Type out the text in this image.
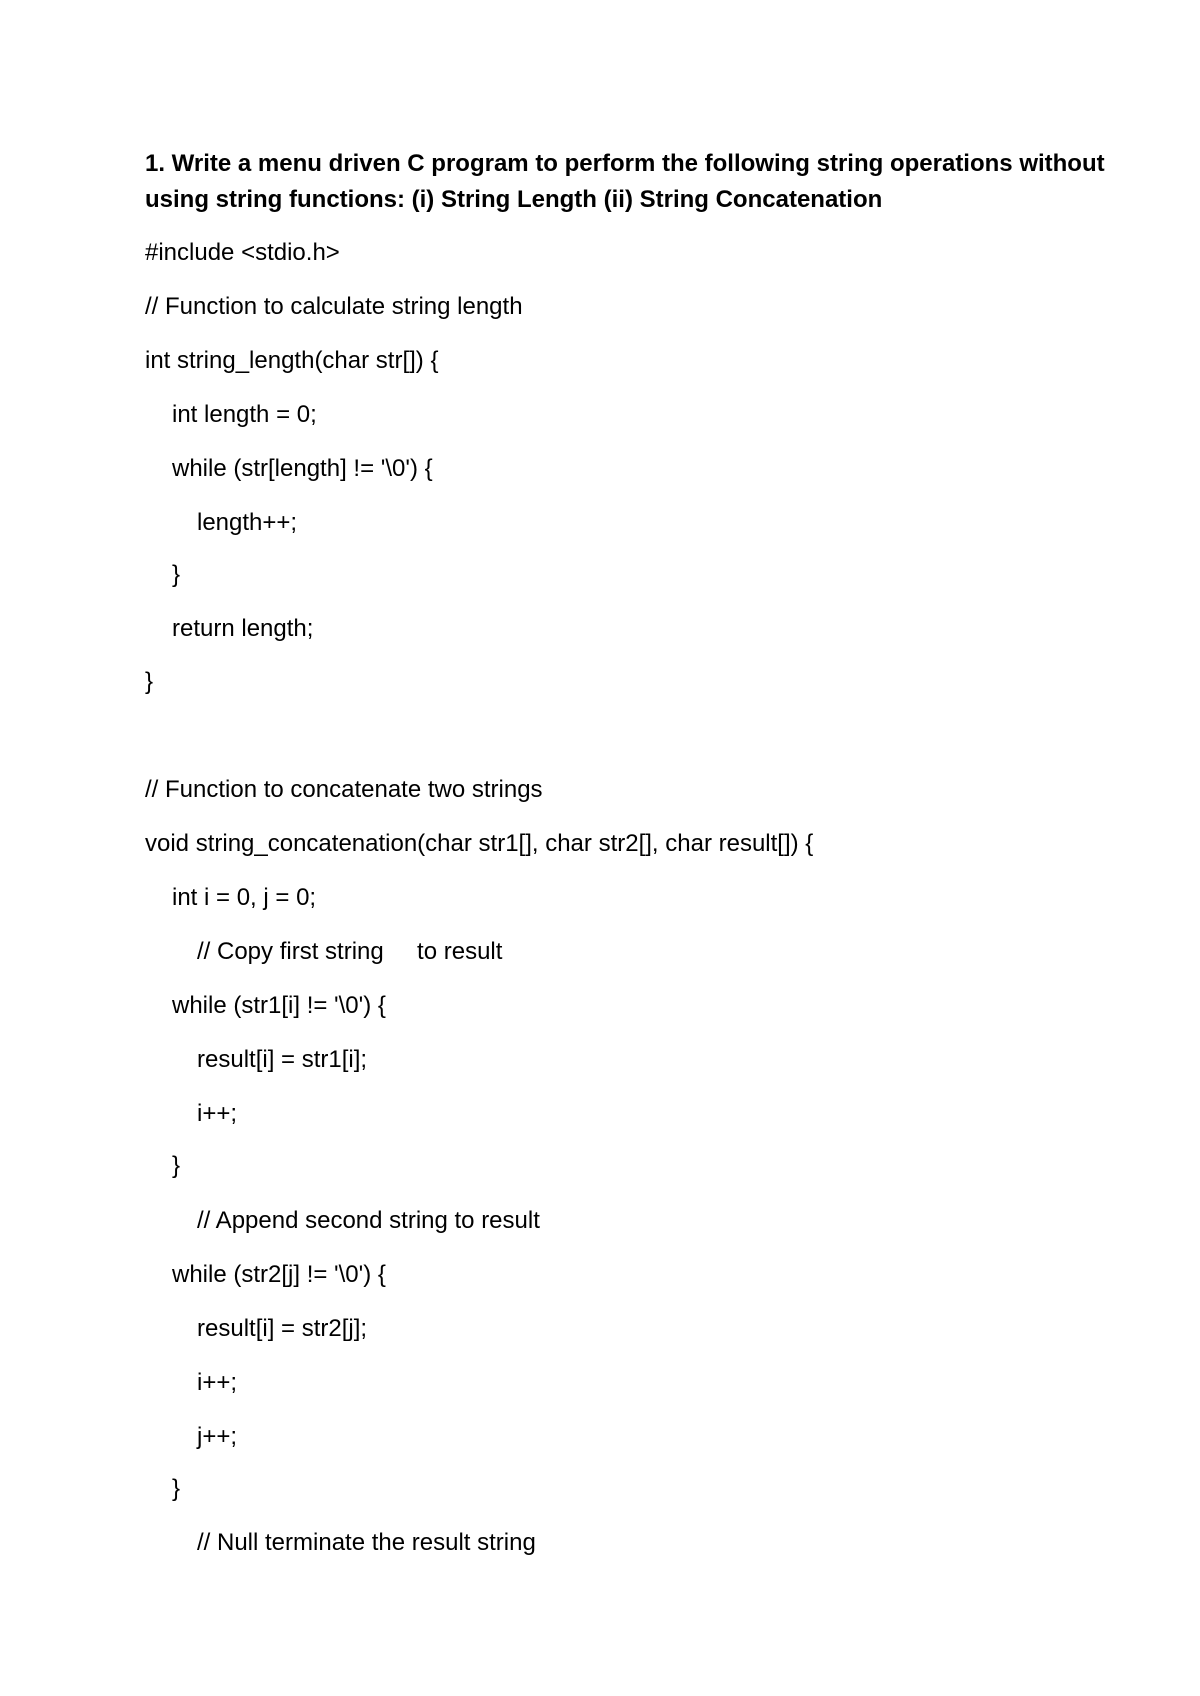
1. Write a menu driven C program to perform the following string operations without using string functions: (i) String Length (ii) String Concatenation

#include <stdio.h>

// Function to calculate string length

int string_length(char str[]) {

int length = 0;

while (str[length] != '\0') {

length++;

}

return length;

}

// Function to concatenate two strings

void string_concatenation(char str1[], char str2[], char result[]) {

int i = 0, j = 0;

// Copy first string     to result

while (str1[i] != '\0') {

result[i] = str1[i];

i++;

}

// Append second string to result

while (str2[j] != '\0') {

result[i] = str2[j];

i++;

j++;

}

// Null terminate the result string
